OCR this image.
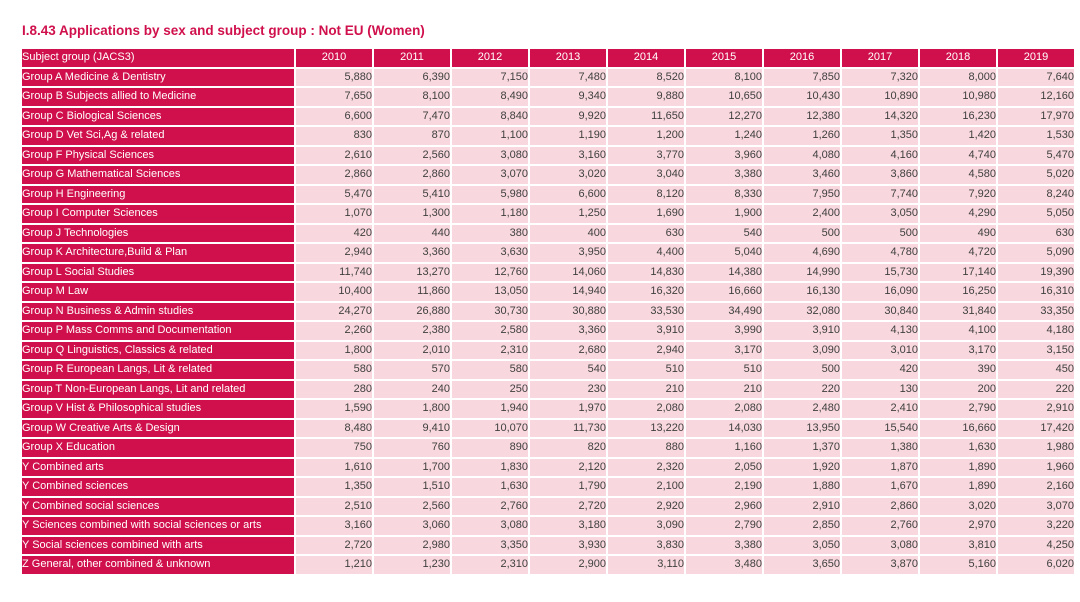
I.8.43 Applications by sex and subject group : Not EU (Women)
Subject group (JACS3)	2010	2011	2012	2013	2014	2015	2016	2017	2018	2019
Group A Medicine & Dentistry	5,880	6,390	7,150	7,480	8,520	8,100	7,850	7,320	8,000	7,640
Group B Subjects allied to Medicine	7,650	8,100	8,490	9,340	9,880	10,650	10,430	10,890	10,980	12,160
Group C Biological Sciences	6,600	7,470	8,840	9,920	11,650	12,270	12,380	14,320	16,230	17,970
Group D Vet Sci,Ag & related	830	870	1,100	1,190	1,200	1,240	1,260	1,350	1,420	1,530
Group F Physical Sciences	2,610	2,560	3,080	3,160	3,770	3,960	4,080	4,160	4,740	5,470
Group G Mathematical Sciences	2,860	2,860	3,070	3,020	3,040	3,380	3,460	3,860	4,580	5,020
Group H Engineering	5,470	5,410	5,980	6,600	8,120	8,330	7,950	7,740	7,920	8,240
Group I Computer Sciences	1,070	1,300	1,180	1,250	1,690	1,900	2,400	3,050	4,290	5,050
Group J Technologies	420	440	380	400	630	540	500	500	490	630
Group K Architecture,Build & Plan	2,940	3,360	3,630	3,950	4,400	5,040	4,690	4,780	4,720	5,090
Group L Social Studies	11,740	13,270	12,760	14,060	14,830	14,380	14,990	15,730	17,140	19,390
Group M Law	10,400	11,860	13,050	14,940	16,320	16,660	16,130	16,090	16,250	16,310
Group N Business & Admin studies	24,270	26,880	30,730	30,880	33,530	34,490	32,080	30,840	31,840	33,350
Group P Mass Comms and Documentation	2,260	2,380	2,580	3,360	3,910	3,990	3,910	4,130	4,100	4,180
Group Q Linguistics, Classics & related	1,800	2,010	2,310	2,680	2,940	3,170	3,090	3,010	3,170	3,150
Group R European Langs, Lit & related	580	570	580	540	510	510	500	420	390	450
Group T Non-European Langs, Lit and related	280	240	250	230	210	210	220	130	200	220
Group V Hist & Philosophical studies	1,590	1,800	1,940	1,970	2,080	2,080	2,480	2,410	2,790	2,910
Group W Creative Arts & Design	8,480	9,410	10,070	11,730	13,220	14,030	13,950	15,540	16,660	17,420
Group X Education	750	760	890	820	880	1,160	1,370	1,380	1,630	1,980
Y Combined arts	1,610	1,700	1,830	2,120	2,320	2,050	1,920	1,870	1,890	1,960
Y Combined sciences	1,350	1,510	1,630	1,790	2,100	2,190	1,880	1,670	1,890	2,160
Y Combined social sciences	2,510	2,560	2,760	2,720	2,920	2,960	2,910	2,860	3,020	3,070
Y Sciences combined with social sciences or arts	3,160	3,060	3,080	3,180	3,090	2,790	2,850	2,760	2,970	3,220
Y Social sciences combined with arts	2,720	2,980	3,350	3,930	3,830	3,380	3,050	3,080	3,810	4,250
Z General, other combined & unknown	1,210	1,230	2,310	2,900	3,110	3,480	3,650	3,870	5,160	6,020
